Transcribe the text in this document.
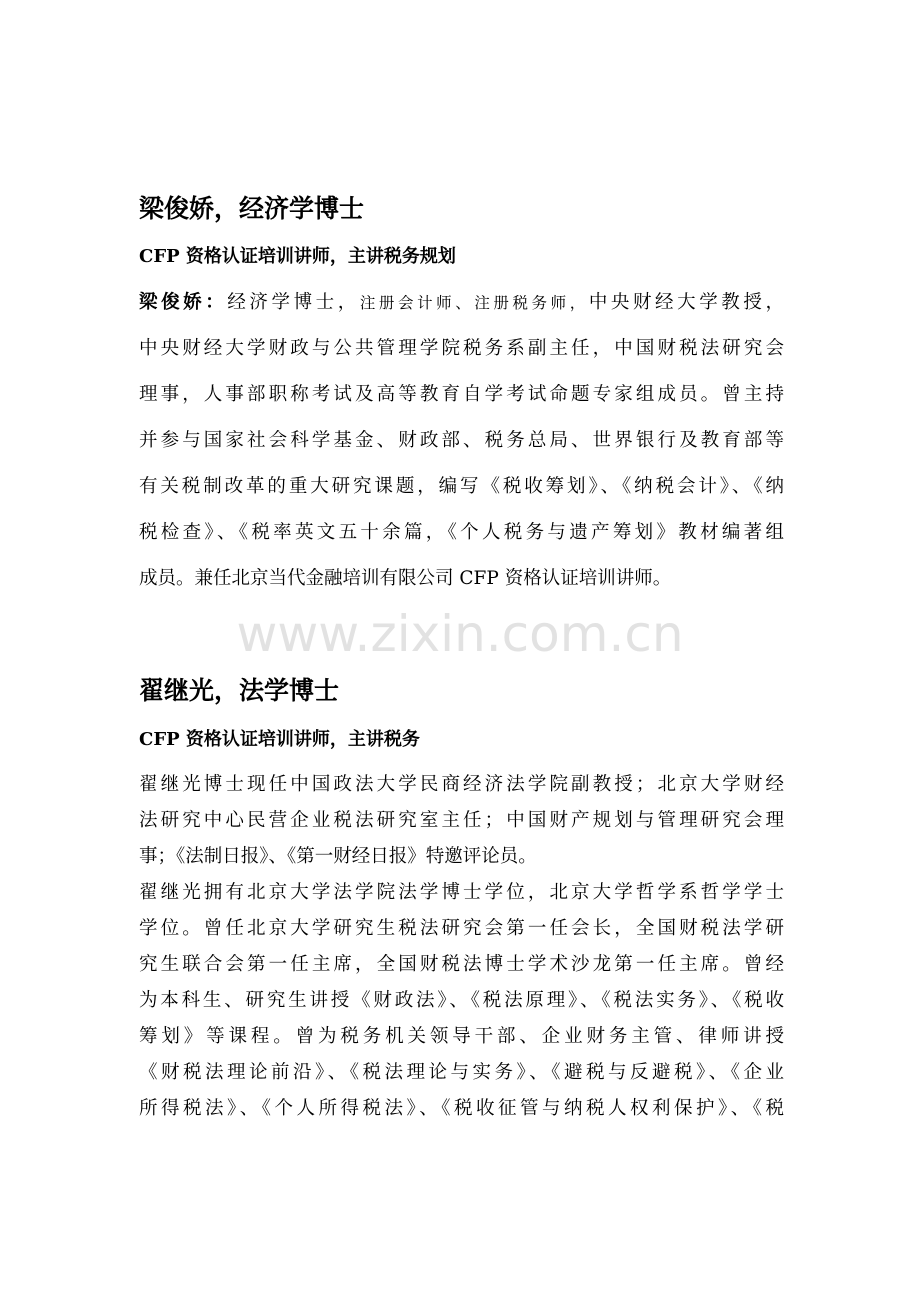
www.zixin.com.cn
梁俊娇，经济学博士
CFP 资格认证培训讲师，主讲税务规划
梁俊娇：经济学博士，注册会计师、注册税务师，中央财经大学教授，
中央财经大学财政与公共管理学院税务系副主任，中国财税法研究会
理事，人事部职称考试及高等教育自学考试命题专家组成员。曾主持
并参与国家社会科学基金、财政部、税务总局、世界银行及教育部等
有关税制改革的重大研究课题，编写《税收筹划》、《纳税会计》、《纳
税检查》、《税率英文五十余篇，《个人税务与遗产筹划》教材编著组
成员。兼任北京当代金融培训有限公司 CFP 资格认证培训讲师。
翟继光，法学博士
CFP 资格认证培训讲师，主讲税务
翟继光博士现任中国政法大学民商经济法学院副教授；北京大学财经
法研究中心民营企业税法研究室主任；中国财产规划与管理研究会理
事；《法制日报》、《第一财经日报》特邀评论员。
翟继光拥有北京大学法学院法学博士学位，北京大学哲学系哲学学士
学位。曾任北京大学研究生税法研究会第一任会长，全国财税法学研
究生联合会第一任主席，全国财税法博士学术沙龙第一任主席。曾经
为本科生、研究生讲授《财政法》、《税法原理》、《税法实务》、《税收
筹划》等课程。曾为税务机关领导干部、企业财务主管、律师讲授
《财税法理论前沿》、《税法理论与实务》、《避税与反避税》、《企业
所得税法》、《个人所得税法》、《税收征管与纳税人权利保护》、《税
